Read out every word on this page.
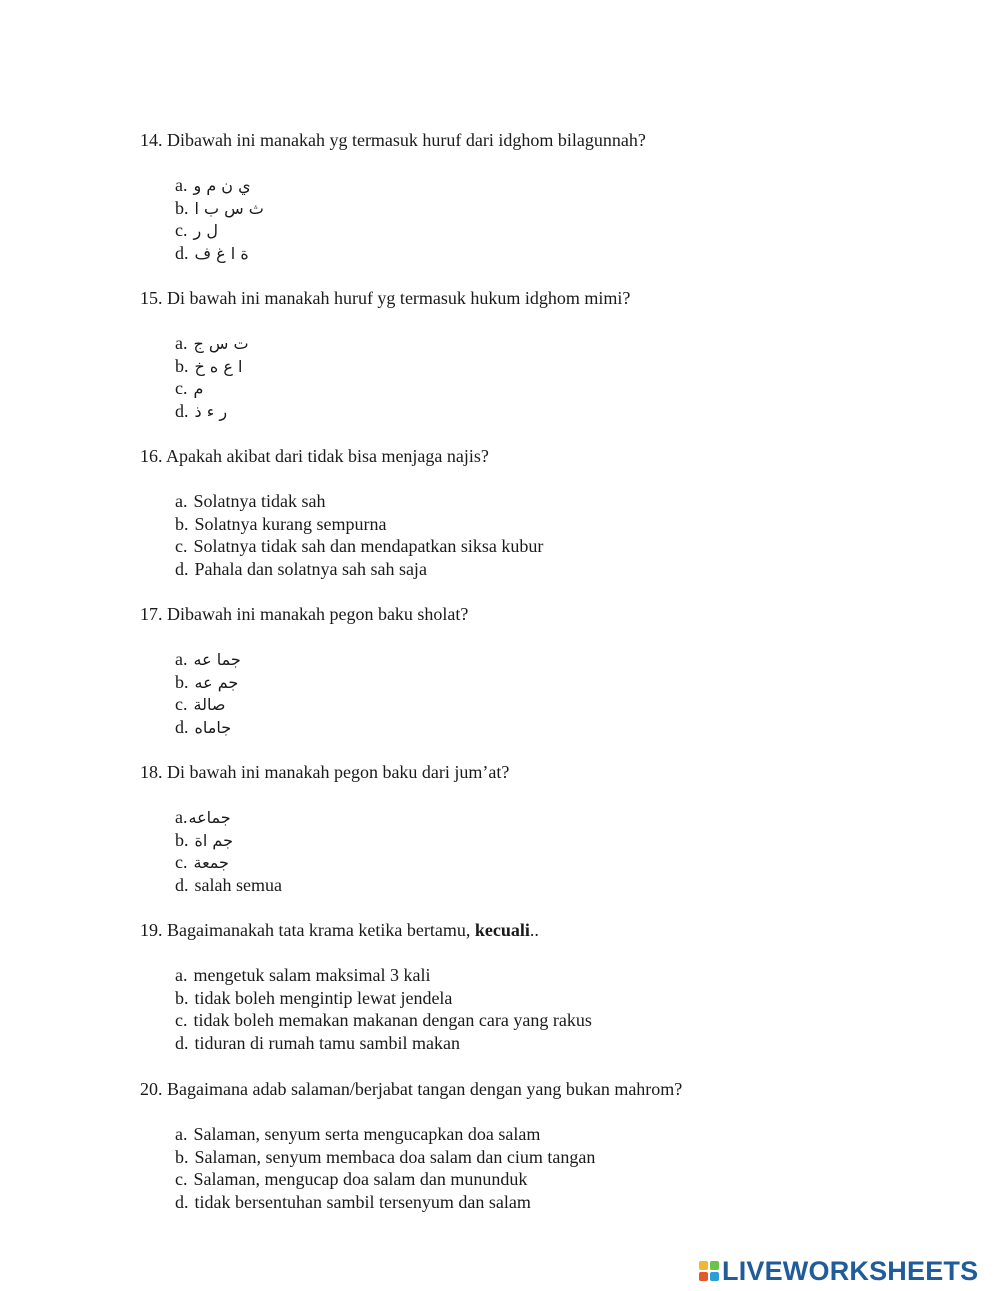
14. Dibawah ini manakah yg termasuk huruf dari idghom bilagunnah?

a. ي ن م و
b. ث س ب ا
c. ل ر
d. ة ا غ ف

15. Di bawah ini manakah huruf yg termasuk hukum idghom mimi?

a. ت س ج
b. ا ع ه خ
c. م
d. ر ء ذ

16. Apakah akibat dari tidak bisa menjaga najis?

a. Solatnya tidak sah
b. Solatnya kurang sempurna
c. Solatnya tidak sah dan mendapatkan siksa kubur
d. Pahala dan solatnya sah sah saja

17. Dibawah ini manakah pegon baku sholat?

a. جما عه
b. جم عه
c. صالة
d. جاماه

18. Di bawah ini manakah pegon baku dari jum’at?

a.جماعه
b. جم اة
c. جمعة
d. salah semua

19. Bagaimanakah tata krama ketika bertamu, kecuali..

a. mengetuk salam maksimal 3 kali
b. tidak boleh mengintip lewat jendela
c. tidak boleh memakan makanan dengan cara yang rakus
d. tiduran di rumah tamu sambil makan

20. Bagaimana adab salaman/berjabat tangan dengan yang bukan mahrom?

a. Salaman, senyum serta mengucapkan doa salam
b. Salaman, senyum membaca doa salam dan cium tangan
c. Salaman, mengucap doa salam dan mununduk
d. tidak bersentuhan sambil tersenyum dan salam
LIVEWORKSHEETS
